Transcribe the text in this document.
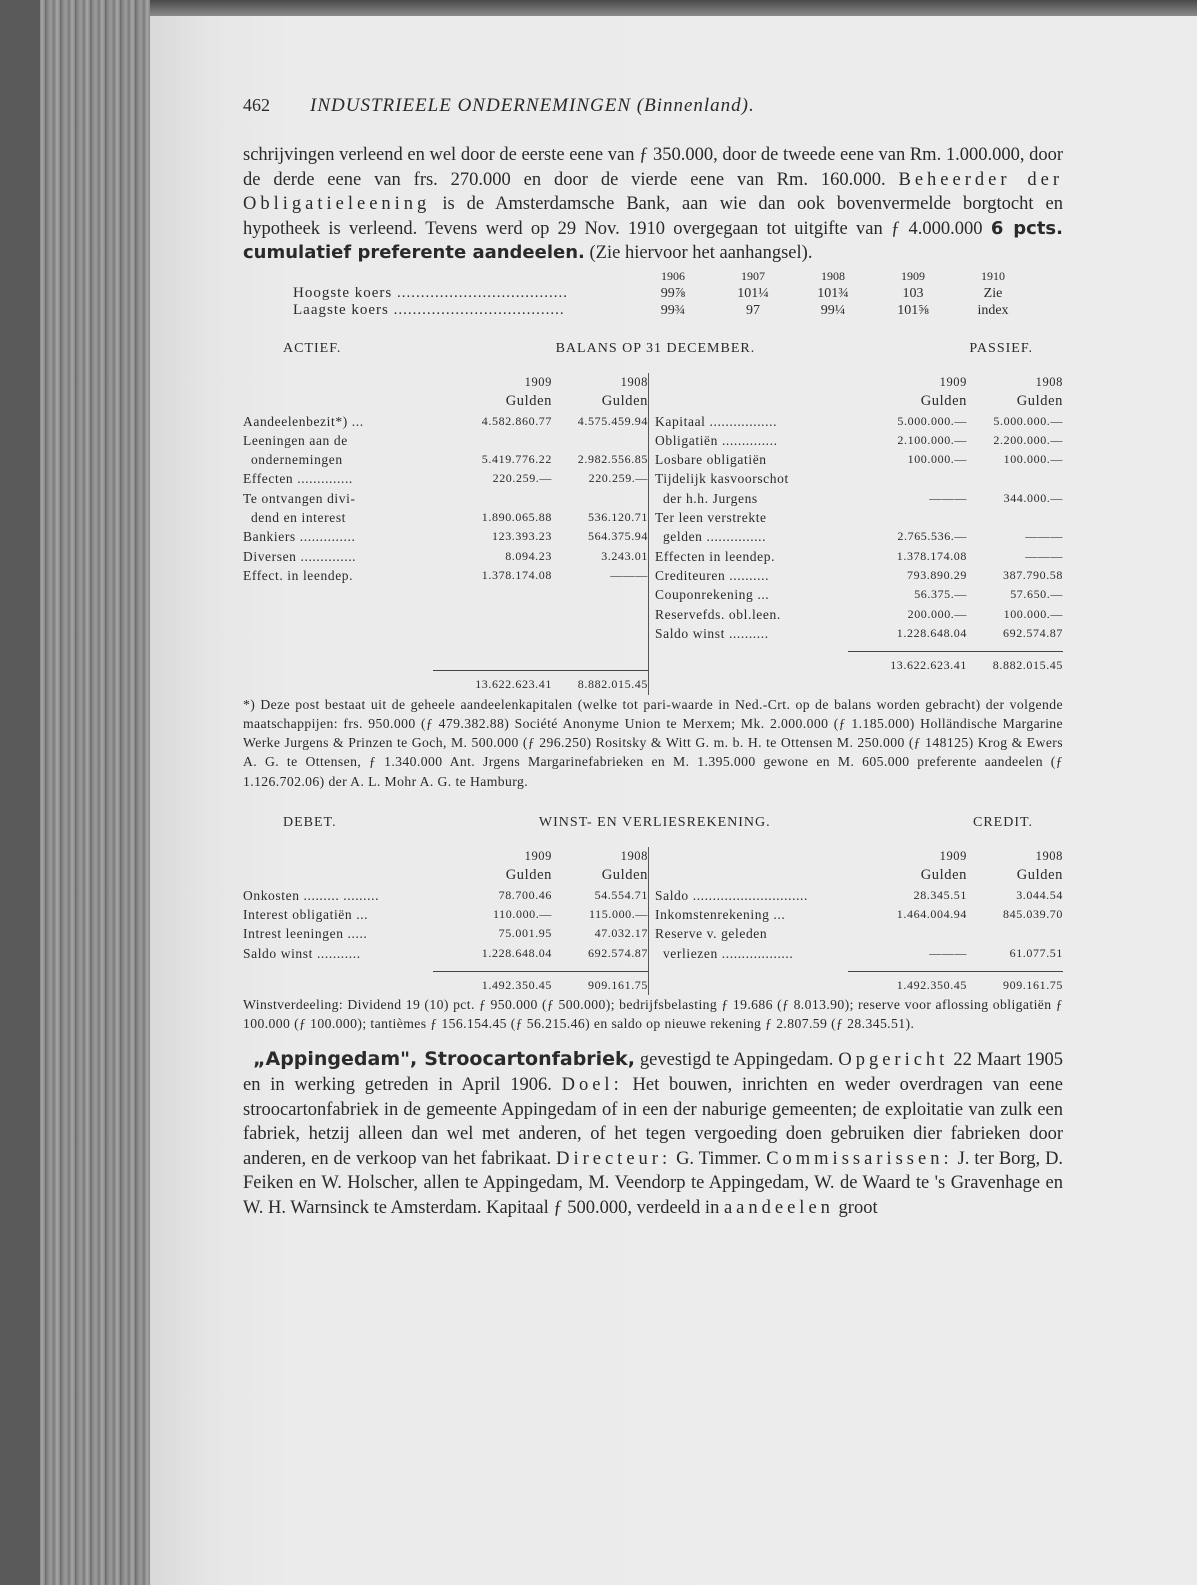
462 INDUSTRIEELE ONDERNEMINGEN (Binnenland).

schrijvingen verleend en wel door de eerste eene van ƒ 350.000, door de tweede eene van Rm. 1.000.000, door de derde eene van frs. 270.000 en door de vierde eene van Rm. 160.000. Beheerder der Obligatieleening is de Amsterdamsche Bank, aan wie dan ook bovenvermelde borgtocht en hypotheek is verleend. Tevens werd op 29 Nov. 1910 overgegaan tot uitgifte van ƒ 4.000.000 6 pcts. cumulatief preferente aandeelen. (Zie hiervoor het aanhangsel).

1906	1907	1908	1909	1910
Hoogste koers ....................................	99⅞	101¼	101¾	103	Zie
Laagste koers ....................................	99¾	97	99¼	101⅝	index
ACTIEF.	BALANS OP 31 DECEMBER.	PASSIEF.
1909	1908
Gulden	Gulden
Aandeelenbezit*) ...	4.582.860.77	4.575.459.94
Leeningen aan de
ondernemingen	5.419.776.22	2.982.556.85
Effecten ..............	220.259.—	220.259.—
Te ontvangen divi-
dend en interest	1.890.065.88	536.120.71
Bankiers ..............	123.393.23	564.375.94
Diversen ..............	8.094.23	3.243.01
Effect. in leendep.	1.378.174.08	———
13.622.623.41	8.882.015.45
1909	1908
Gulden	Gulden
Kapitaal .................	5.000.000.—	5.000.000.—
Obligatiën ..............	2.100.000.—	2.200.000.—
Losbare obligatiën	100.000.—	100.000.—
Tijdelijk kasvoorschot
der h.h. Jurgens	———	344.000.—
Ter leen verstrekte
gelden ...............	2.765.536.—	———
Effecten in leendep.	1.378.174.08	———
Crediteuren ..........	793.890.29	387.790.58
Couponrekening ...	56.375.—	57.650.—
Reservefds. obl.leen.	200.000.—	100.000.—
Saldo winst ..........	1.228.648.04	692.574.87
13.622.623.41	8.882.015.45

*) Deze post bestaat uit de geheele aandeelenkapitalen (welke tot pari-waarde in Ned.-Crt. op de balans worden gebracht) der volgende maatschappijen: frs. 950.000 (ƒ 479.382.88) Société Anonyme Union te Merxem; Mk. 2.000.000 (ƒ 1.185.000) Holländische Margarine Werke Jurgens & Prinzen te Goch, M. 500.000 (ƒ 296.250) Rositsky & Witt G. m. b. H. te Ottensen M. 250.000 (ƒ 148125) Krog & Ewers A. G. te Ottensen, ƒ 1.340.000 Ant. Jrgens Margarinefabrieken en M. 1.395.000 gewone en M. 605.000 preferente aandeelen (ƒ 1.126.702.06) der A. L. Mohr A. G. te Hamburg.

DEBET.	WINST- EN VERLIESREKENING.	CREDIT.
1909	1908
Gulden	Gulden
Onkosten ......... .........	78.700.46	54.554.71
Interest obligatiën ...	110.000.—	115.000.—
Intrest leeningen .....	75.001.95	47.032.17
Saldo winst ...........	1.228.648.04	692.574.87
1.492.350.45	909.161.75
1909	1908
Gulden	Gulden
Saldo .............................	28.345.51	3.044.54
Inkomstenrekening ...	1.464.004.94	845.039.70
Reserve v. geleden
verliezen ..................	———	61.077.51
1.492.350.45	909.161.75

Winstverdeeling: Dividend 19 (10) pct. ƒ 950.000 (ƒ 500.000); bedrijfsbelasting ƒ 19.686 (ƒ 8.013.90); reserve voor aflossing obligatiën ƒ 100.000 (ƒ 100.000); tantièmes ƒ 156.154.45 (ƒ 56.215.46) en saldo op nieuwe rekening ƒ 2.807.59 (ƒ 28.345.51).

„Appingedam", Stroocartonfabriek, gevestigd te Appingedam. Opgericht 22 Maart 1905 en in werking getreden in April 1906. Doel: Het bouwen, inrichten en weder overdragen van eene stroocartonfabriek in de gemeente Appingedam of in een der naburige gemeenten; de exploitatie van zulk een fabriek, hetzij alleen dan wel met anderen, of het tegen vergoeding doen gebruiken dier fabrieken door anderen, en de verkoop van het fabrikaat. Directeur: G. Timmer. Commissarissen: J. ter Borg, D. Feiken en W. Holscher, allen te Appingedam, M. Veendorp te Appingedam, W. de Waard te 's Gravenhage en W. H. Warnsinck te Amsterdam. Kapitaal ƒ 500.000, verdeeld in aandeelen groot
